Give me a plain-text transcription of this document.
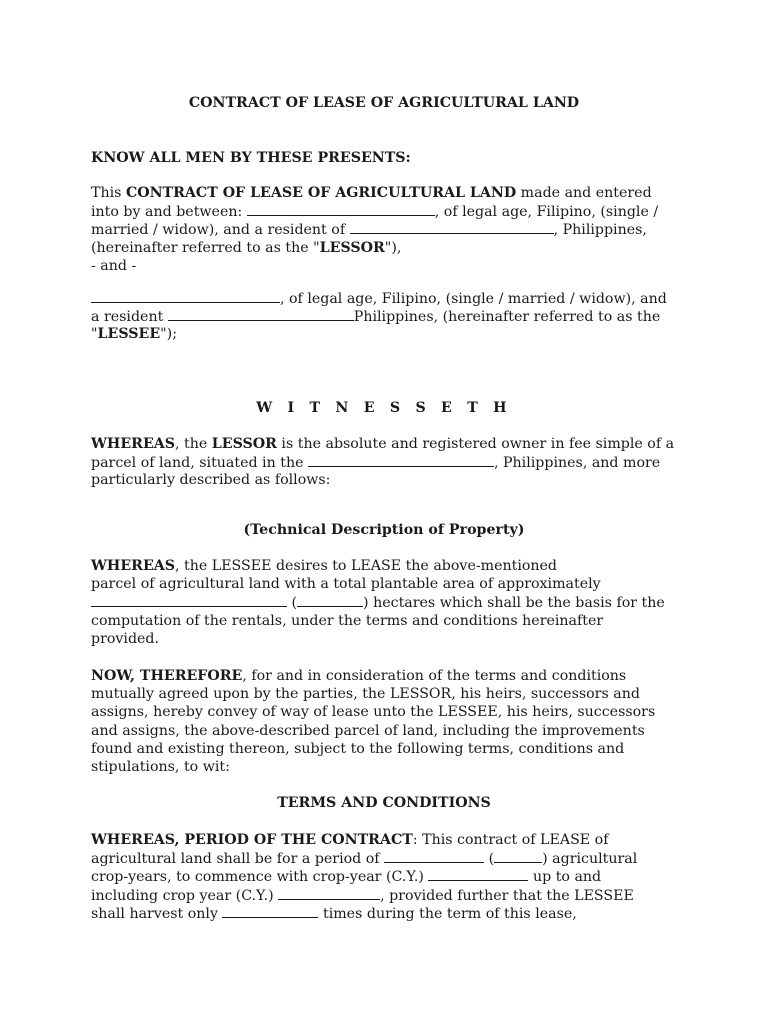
CONTRACT OF LEASE OF AGRICULTURAL LAND
KNOW ALL MEN BY THESE PRESENTS:
This CONTRACT OF LEASE OF AGRICULTURAL LAND made and entered
into by and between:	, of legal age, Filipino, (single /
married / widow), and a resident of	, Philippines,
(hereinafter referred to as the "LESSOR"),
- and -
, of legal age, Filipino, (single / married / widow), and
a resident	Philippines, (hereinafter referred to as the
"LESSEE");
W I T N E S S E T H
WHEREAS, the LESSOR is the absolute and registered owner in fee simple of a
parcel of land, situated in the	, Philippines, and more
particularly described as follows:
(Technical Description of Property)
WHEREAS, the LESSEE desires to LEASE the above-mentioned
parcel of agricultural land with a total plantable area of approximately
(	) hectares which shall be the basis for the
computation of the rentals, under the terms and conditions hereinafter
provided.
NOW, THEREFORE, for and in consideration of the terms and conditions
mutually agreed upon by the parties, the LESSOR, his heirs, successors and
assigns, hereby convey of way of lease unto the LESSEE, his heirs, successors
and assigns, the above-described parcel of land, including the improvements
found and existing thereon, subject to the following terms, conditions and
stipulations, to wit:
TERMS AND CONDITIONS
WHEREAS, PERIOD OF THE CONTRACT: This contract of LEASE of
agricultural land shall be for a period of	(	) agricultural
crop-years, to commence with crop-year (C.Y.)	up to and
including crop year (C.Y.)	, provided further that the LESSEE
shall harvest only	times during the term of this lease,
